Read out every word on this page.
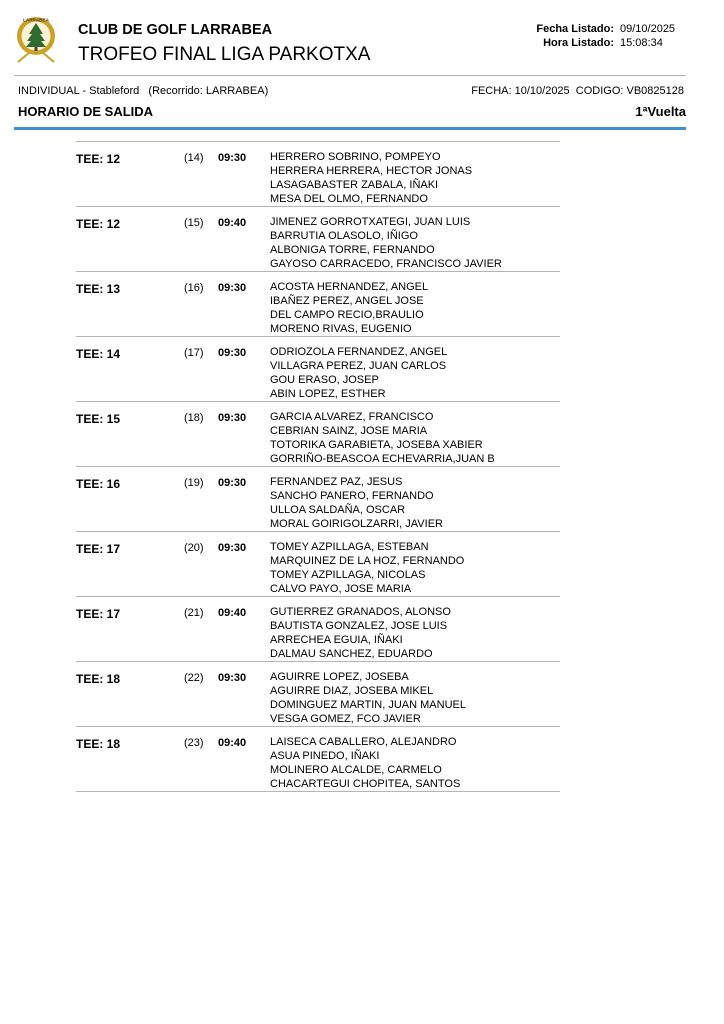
LARRABEA
CLUB DE GOLF LARRABEA
TROFEO FINAL LIGA PARKOTXA
Fecha Listado: 09/10/2025
Hora Listado: 15:08:34
INDIVIDUAL - Stableford   (Recorrido: LARRABEA)	FECHA: 10/10/2025  CODIGO: VB0825128
HORARIO DE SALIDA	1ªVuelta
TEE: 12	(14) 09:30 HERRERO SOBRINO, POMPEYO
HERRERA HERRERA, HECTOR JONAS
LASAGABASTER ZABALA, IÑAKI
MESA DEL OLMO, FERNANDO
TEE: 12	(15) 09:40 JIMENEZ GORROTXATEGI, JUAN LUIS
BARRUTIA OLASOLO, IÑIGO
ALBONIGA TORRE, FERNANDO
GAYOSO CARRACEDO, FRANCISCO JAVIER
TEE: 13	(16) 09:30 ACOSTA HERNANDEZ, ANGEL
IBAÑEZ PEREZ, ANGEL JOSE
DEL CAMPO RECIO,BRAULIO
MORENO RIVAS, EUGENIO
TEE: 14	(17) 09:30 ODRIOZOLA FERNANDEZ, ANGEL
VILLAGRA PEREZ, JUAN CARLOS
GOU ERASO, JOSEP
ABIN LOPEZ, ESTHER
TEE: 15	(18) 09:30 GARCIA ALVAREZ, FRANCISCO
CEBRIAN SAINZ, JOSE MARIA
TOTORIKA GARABIETA, JOSEBA XABIER
GORRIÑO-BEASCOA ECHEVARRIA,JUAN B
TEE: 16	(19) 09:30 FERNANDEZ PAZ, JESUS
SANCHO PANERO, FERNANDO
ULLOA SALDAÑA, OSCAR
MORAL GOIRIGOLZARRI, JAVIER
TEE: 17	(20) 09:30 TOMEY AZPILLAGA, ESTEBAN
MARQUINEZ DE LA HOZ, FERNANDO
TOMEY AZPILLAGA, NICOLAS
CALVO PAYO, JOSE MARIA
TEE: 17	(21) 09:40 GUTIERREZ GRANADOS, ALONSO
BAUTISTA GONZALEZ, JOSE LUIS
ARRECHEA EGUIA, IÑAKI
DALMAU SANCHEZ, EDUARDO
TEE: 18	(22) 09:30 AGUIRRE LOPEZ, JOSEBA
AGUIRRE DIAZ, JOSEBA MIKEL
DOMINGUEZ MARTIN, JUAN MANUEL
VESGA GOMEZ, FCO JAVIER
TEE: 18	(23) 09:40 LAISECA CABALLERO, ALEJANDRO
ASUA PINEDO, IÑAKI
MOLINERO ALCALDE, CARMELO
CHACARTEGUI CHOPITEA, SANTOS
